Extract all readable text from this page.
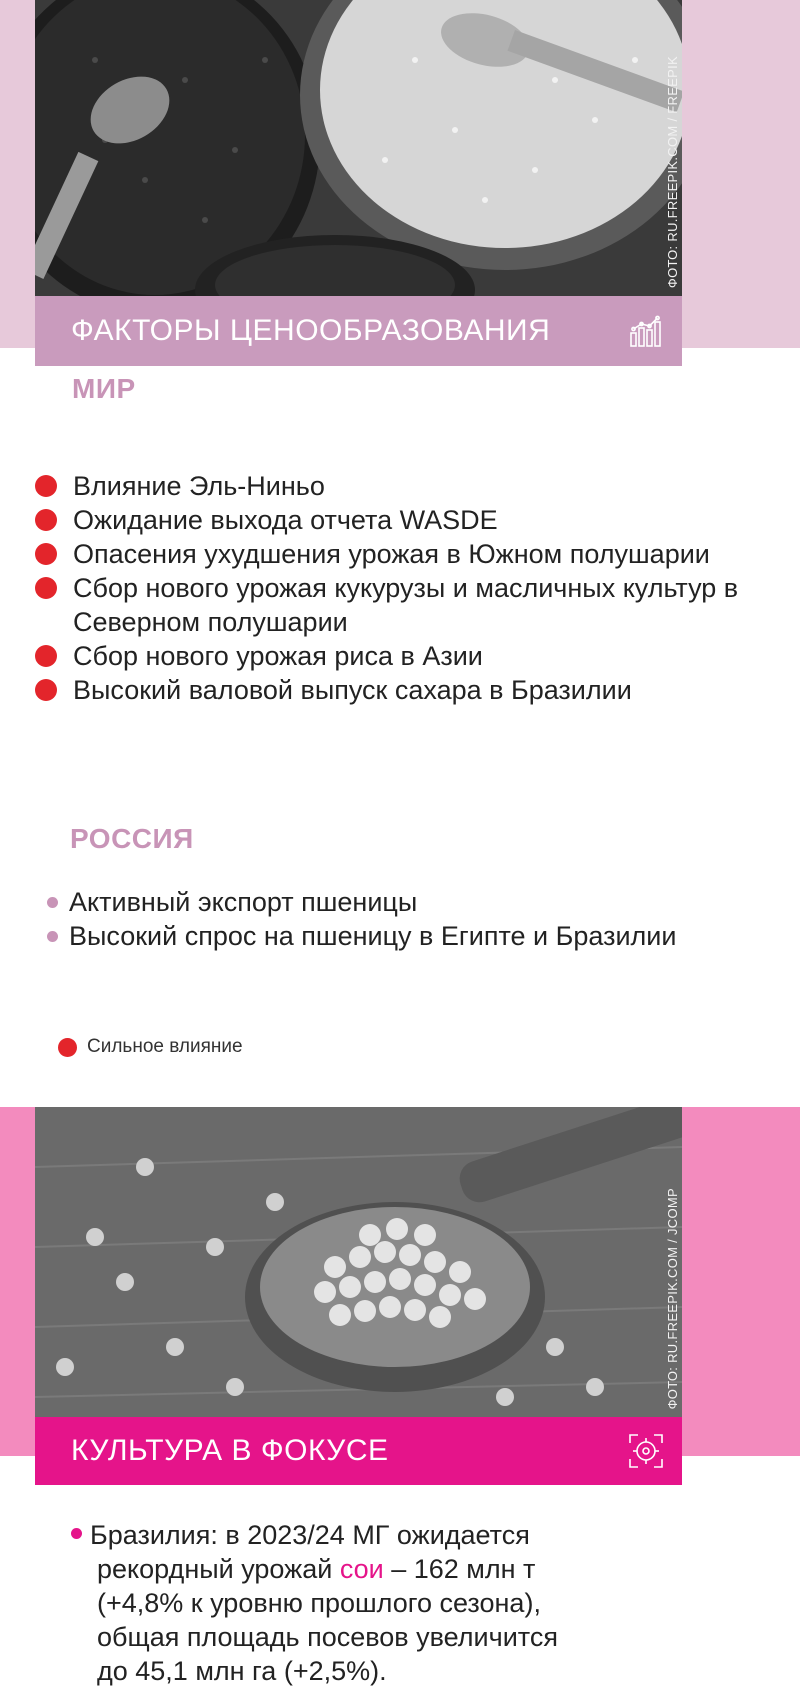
ФОТО: RU.FREEPIK.COM / FREEPIK
ФАКТОРЫ ЦЕНООБРАЗОВАНИЯ
МИР
Влияние Эль-Ниньо
Ожидание выхода отчета WASDE
Опасения ухудшения урожая в Южном полушарии
Сбор нового урожая кукурузы и масличных культур в Северном полушарии
Сбор нового урожая риса в Азии
Высокий валовой выпуск сахара в Бразилии
РОССИЯ
Активный экспорт пшеницы
Высокий спрос на пшеницу в Египте и Бразилии
Сильное влияние
ФОТО: RU.FREEPIK.COM / JCOMP
КУЛЬТУРА В ФОКУСЕ
Бразилия: в 2023/24 МГ ожидается
рекордный урожай сои – 162 млн т
(+4,8% к уровню прошлого сезона),
общая площадь посевов увеличится
до 45,1 млн га (+2,5%).
